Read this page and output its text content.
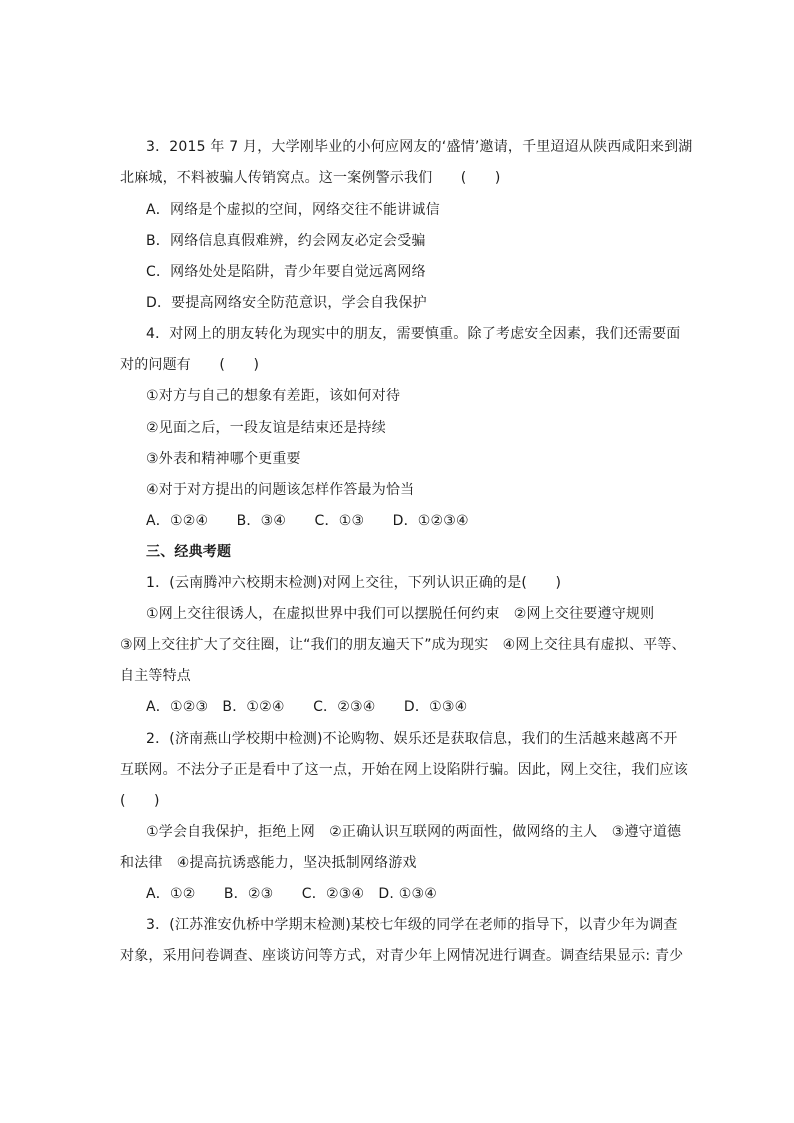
3．2015 年 7 月，大学刚毕业的小何应网友的‘盛情’邀请，千里迢迢从陕西咸阳来到湖
北麻城，不料被骗人传销窝点。这一案例警示我们　　(　　)
A．网络是个虚拟的空间，网络交往不能讲诚信
B．网络信息真假难辨，约会网友必定会受骗
C．网络处处是陷阱，青少年要自觉远离网络
D．要提高网络安全防范意识，学会自我保护
4．对网上的朋友转化为现实中的朋友，需要慎重。除了考虑安全因素，我们还需要面
对的问题有　　(　　)
①对方与自己的想象有差距，该如何对待
②见面之后，一段友谊是结束还是持续
③外表和精神哪个更重要
④对于对方提出的问题该怎样作答最为恰当
A．①②④　　B．③④　　C．①③　　D．①②③④
三、经典考题
1．(云南腾冲六校期末检测)对网上交往，下列认识正确的是(　　)
①网上交往很诱人，在虚拟世界中我们可以摆脱任何约束　②网上交往要遵守规则
③网上交往扩大了交往圈，让“我们的朋友遍天下”成为现实　④网上交往具有虚拟、平等、
自主等特点
A．①②③　B．①②④　　C．②③④　　D．①③④
2．(济南燕山学校期中检测)不论购物、娱乐还是获取信息，我们的生活越来越离不开
互联网。不法分子正是看中了这一点，开始在网上设陷阱行骗。因此，网上交往，我们应该
(　　)
①学会自我保护，拒绝上网　②正确认识互联网的两面性，做网络的主人　③遵守道德
和法律　④提高抗诱惑能力，坚决抵制网络游戏
A．①②　　B．②③　　C．②③④　D. ①③④
3．(江苏淮安仇桥中学期末检测)某校七年级的同学在老师的指导下，以青少年为调查
对象，采用问卷调查、座谈访问等方式，对青少年上网情况进行调查。调查结果显示: 青少
